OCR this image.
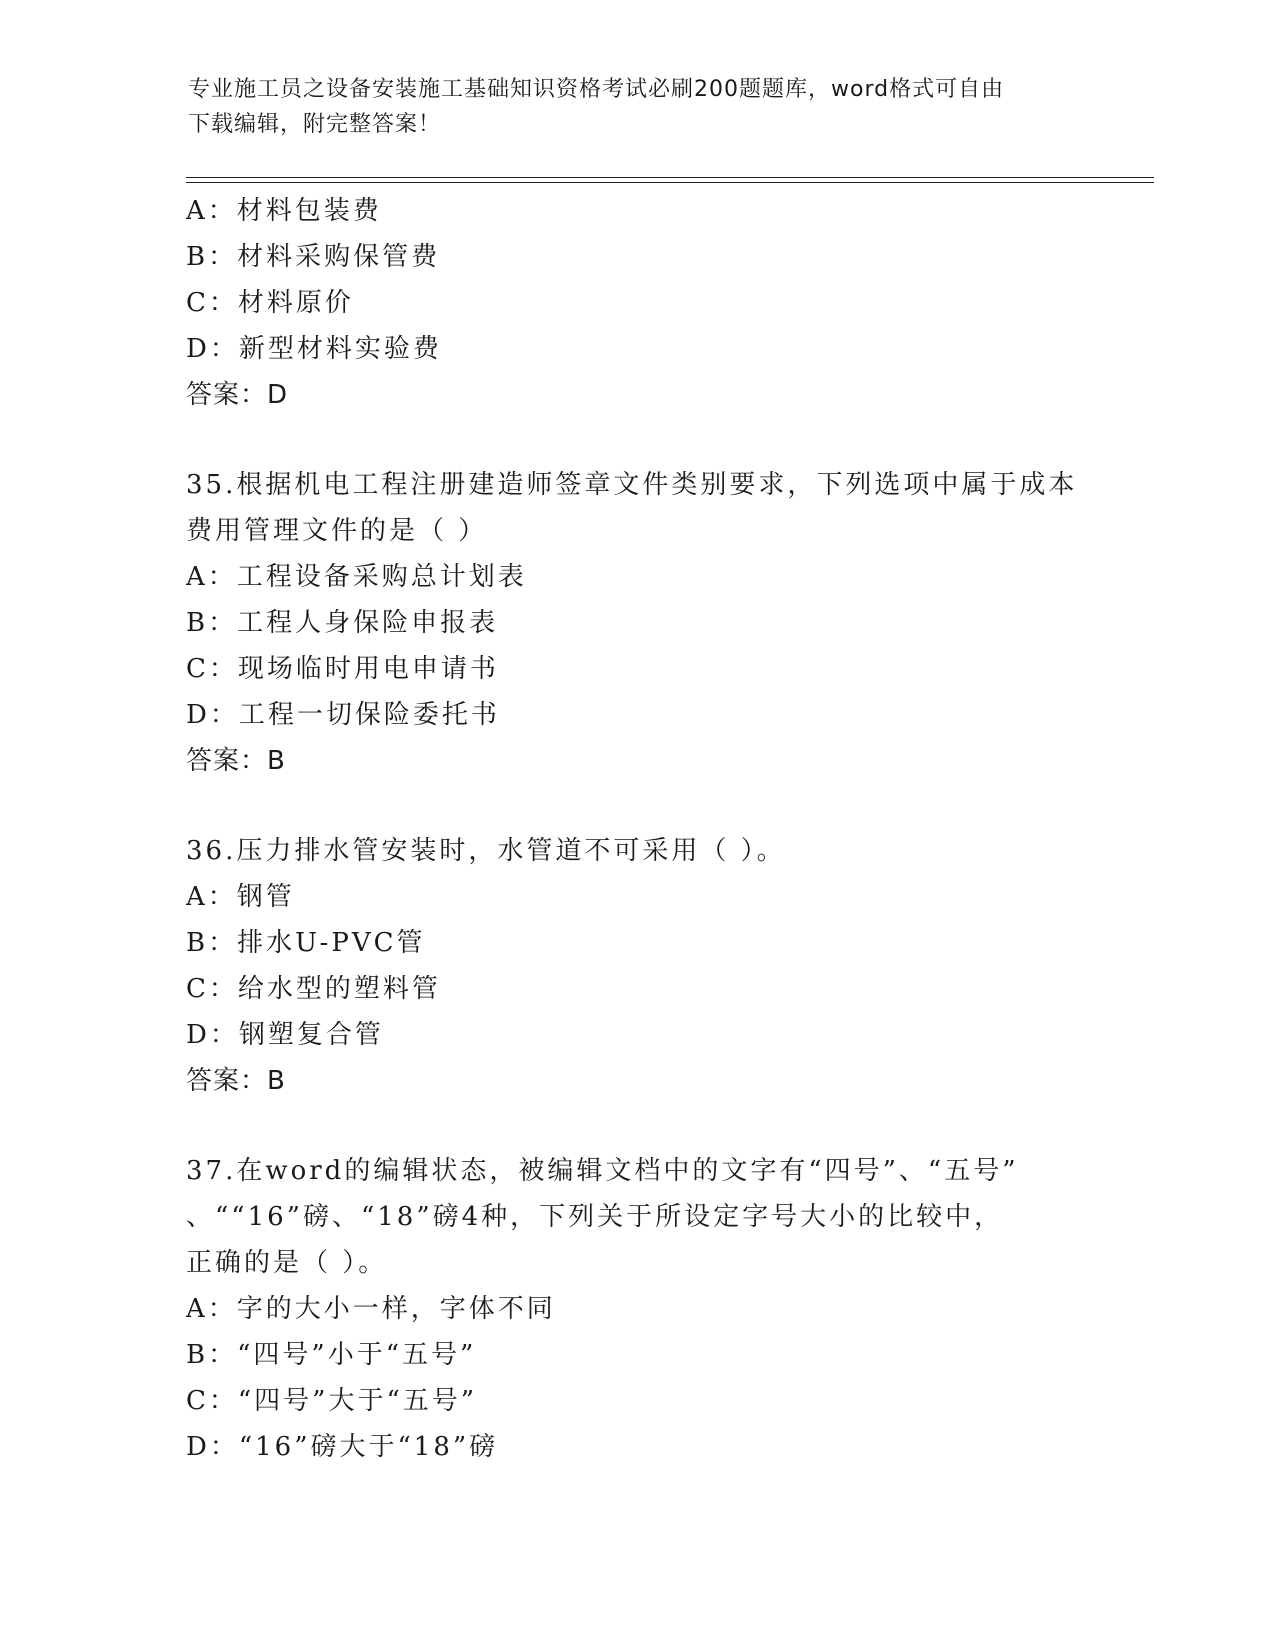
专业施工员之设备安装施工基础知识资格考试必刷200题题库，word格式可自由
下载编辑，附完整答案！
A：材料包装费
B：材料采购保管费
C：材料原价
D：新型材料实验费
答案：D
35.根据机电工程注册建造师签章文件类别要求，下列选项中属于成本
费用管理文件的是（ ）
A：工程设备采购总计划表
B：工程人身保险申报表
C：现场临时用电申请书
D：工程一切保险委托书
答案：B
36.压力排水管安装时，水管道不可采用（ ）。
A：钢管
B：排水U-PVC管
C：给水型的塑料管
D：钢塑复合管
答案：B
37.在word的编辑状态，被编辑文档中的文字有“四号”、“五号”
、““16”磅、“18”磅4种，下列关于所设定字号大小的比较中，
正确的是（ ）。
A：字的大小一样，字体不同
B：“四号”小于“五号”
C：“四号”大于“五号”
D：“16”磅大于“18”磅
